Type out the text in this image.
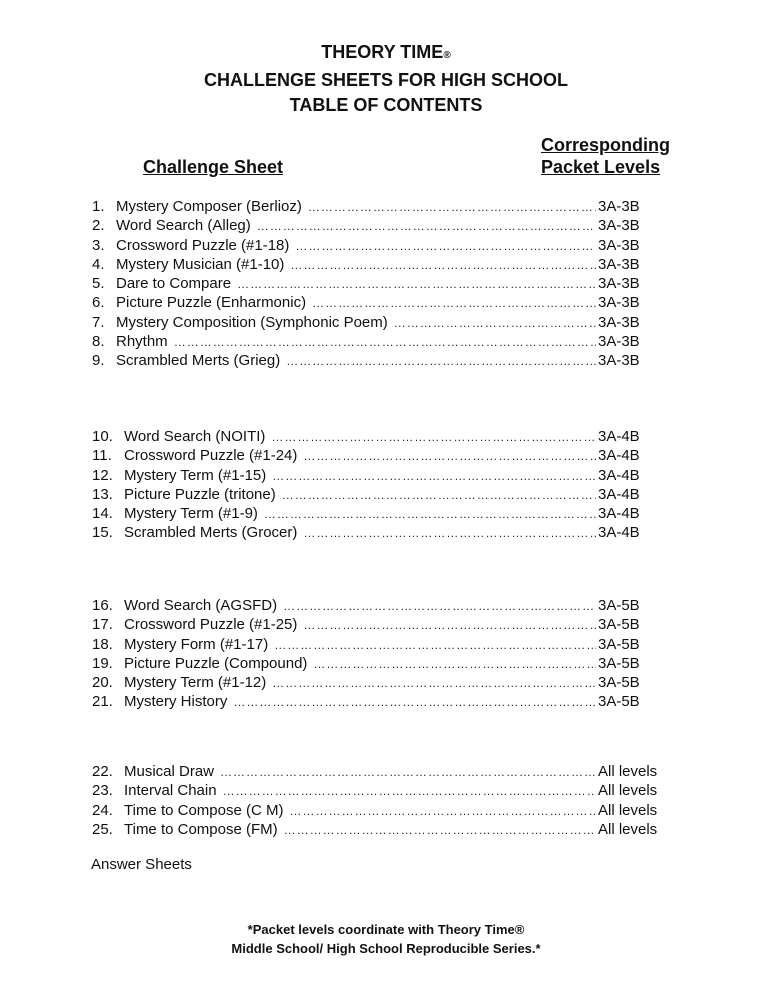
THEORY TIME®
CHALLENGE SHEETS FOR HIGH SCHOOL
TABLE OF CONTENTS
Challenge Sheet
Corresponding
Packet Levels
1. Mystery Composer (Berlioz) ……………………………………………………………………………………………………………………………………………	3A-3B
2. Word Search (Alleg) ……………………………………………………………………………………………………………………………………………	3A-3B
3. Crossword Puzzle (#1-18) ……………………………………………………………………………………………………………………………………………	3A-3B
4. Mystery Musician (#1-10) ……………………………………………………………………………………………………………………………………………	3A-3B
5. Dare to Compare ……………………………………………………………………………………………………………………………………………	3A-3B
6. Picture Puzzle (Enharmonic) ……………………………………………………………………………………………………………………………………………	3A-3B
7. Mystery Composition (Symphonic Poem) ……………………………………………………………………………………………………………………………………………	3A-3B
8. Rhythm ……………………………………………………………………………………………………………………………………………	3A-3B
9. Scrambled Merts (Grieg) ……………………………………………………………………………………………………………………………………………	3A-3B
10. Word Search (NOITI) ……………………………………………………………………………………………………………………………………………	3A-4B
11. Crossword Puzzle (#1-24) ……………………………………………………………………………………………………………………………………………	3A-4B
12. Mystery Term (#1-15) ……………………………………………………………………………………………………………………………………………	3A-4B
13. Picture Puzzle (tritone) ……………………………………………………………………………………………………………………………………………	3A-4B
14. Mystery Term (#1-9) ……………………………………………………………………………………………………………………………………………	3A-4B
15. Scrambled Merts (Grocer) ……………………………………………………………………………………………………………………………………………	3A-4B
16. Word Search (AGSFD) ……………………………………………………………………………………………………………………………………………	3A-5B
17. Crossword Puzzle (#1-25) ……………………………………………………………………………………………………………………………………………	3A-5B
18. Mystery Form (#1-17) ……………………………………………………………………………………………………………………………………………	3A-5B
19. Picture Puzzle (Compound) ……………………………………………………………………………………………………………………………………………	3A-5B
20. Mystery Term (#1-12) ……………………………………………………………………………………………………………………………………………	3A-5B
21. Mystery History ……………………………………………………………………………………………………………………………………………	3A-5B
22. Musical Draw ……………………………………………………………………………………………………………………………………………	All levels
23. Interval Chain ……………………………………………………………………………………………………………………………………………	All levels
24. Time to Compose (C M) ……………………………………………………………………………………………………………………………………………	All levels
25. Time to Compose (FM) ……………………………………………………………………………………………………………………………………………	All levels
Answer Sheets
*Packet levels coordinate with Theory Time®
Middle School/ High School Reproducible Series.*
